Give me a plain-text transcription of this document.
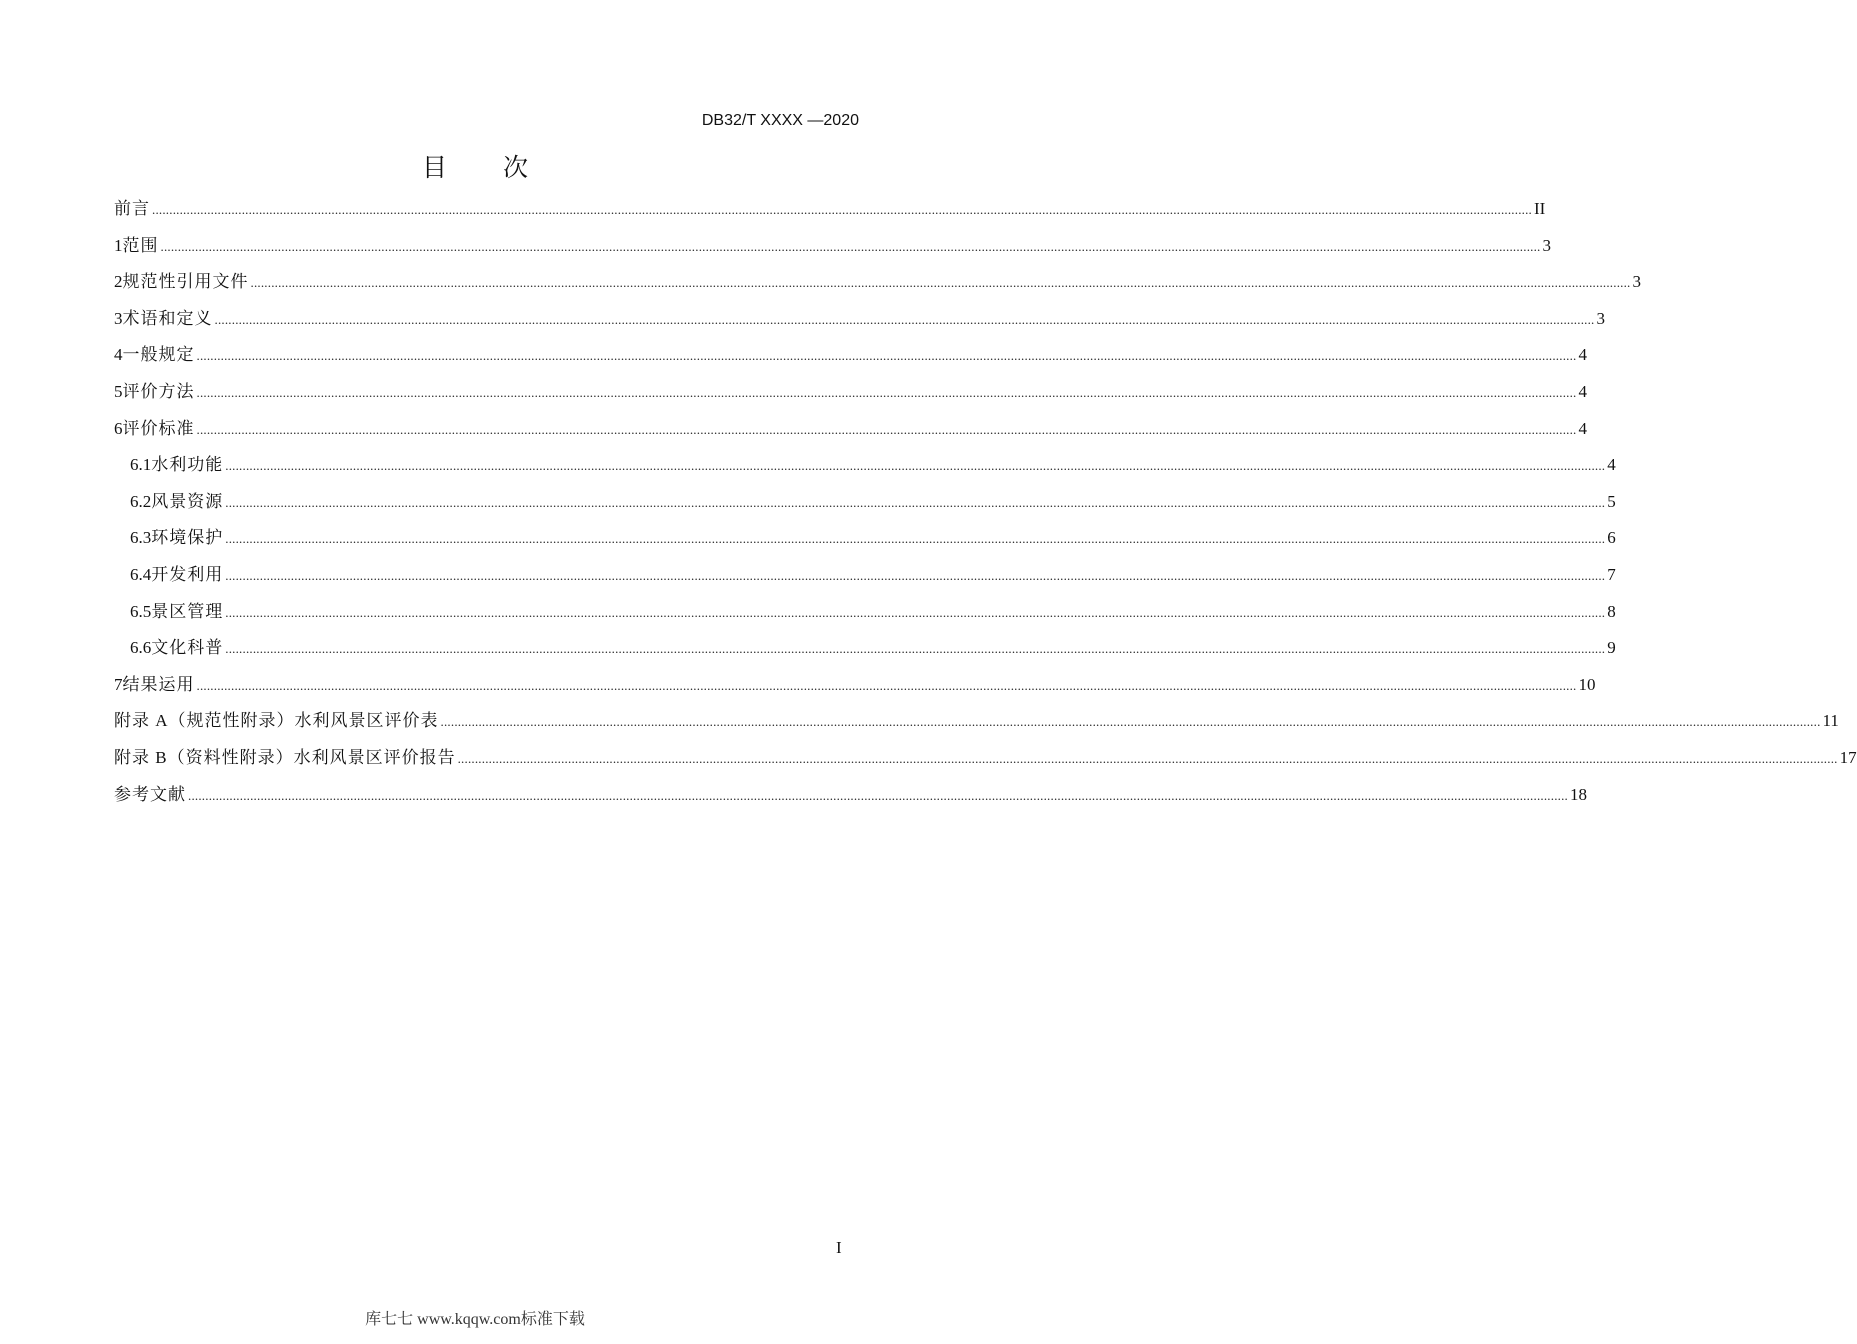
DB32/T XXXX —2020
目 次
前言 ................................................................................................................................................................................................................................................................................................................................................................................................................ II
1 范围 ................................................................................................................................................................................................................................................................................................................................................................................................................ 3
2 规范性引用文件 ................................................................................................................................................................................................................................................................................................................................................................................................................ 3
3 术语和定义 ................................................................................................................................................................................................................................................................................................................................................................................................................ 3
4 一般规定 ................................................................................................................................................................................................................................................................................................................................................................................................................ 4
5 评价方法 ................................................................................................................................................................................................................................................................................................................................................................................................................ 4
6 评价标准 ................................................................................................................................................................................................................................................................................................................................................................................................................ 4
6.1 水利功能 ................................................................................................................................................................................................................................................................................................................................................................................................................ 4
6.2 风景资源 ................................................................................................................................................................................................................................................................................................................................................................................................................ 5
6.3 环境保护 ................................................................................................................................................................................................................................................................................................................................................................................................................ 6
6.4 开发利用 ................................................................................................................................................................................................................................................................................................................................................................................................................ 7
6.5 景区管理 ................................................................................................................................................................................................................................................................................................................................................................................................................ 8
6.6 文化科普 ................................................................................................................................................................................................................................................................................................................................................................................................................ 9
7 结果运用 ................................................................................................................................................................................................................................................................................................................................................................................................................ 10
附录 A（规范性附录）水利风景区评价表 ................................................................................................................................................................................................................................................................................................................................................................................................................ 11
附录 B（资料性附录）水利风景区评价报告 ................................................................................................................................................................................................................................................................................................................................................................................................................ 17
参考文献 ................................................................................................................................................................................................................................................................................................................................................................................................................ 18
I
库七七 www.kqqw.com标准下载
